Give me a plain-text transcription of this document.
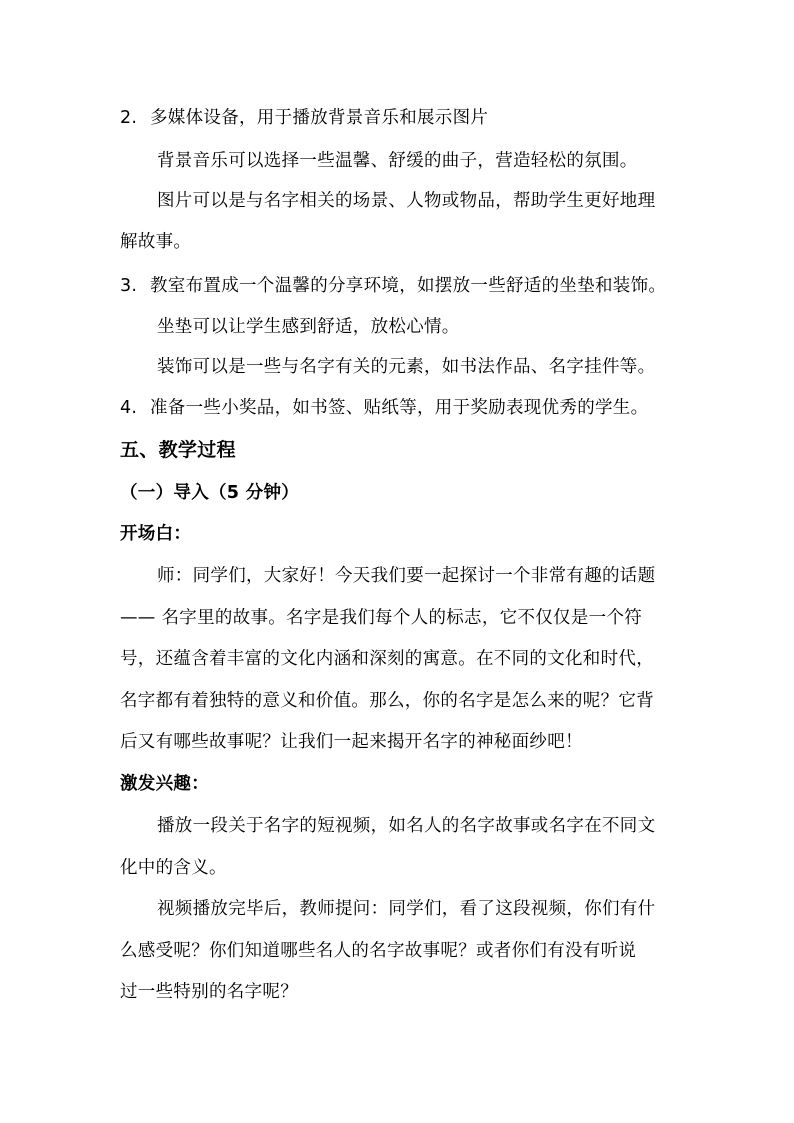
2. 多媒体设备，用于播放背景音乐和展示图片
背景音乐可以选择一些温馨、舒缓的曲子，营造轻松的氛围。
图片可以是与名字相关的场景、人物或物品，帮助学生更好地理
解故事。
3. 教室布置成一个温馨的分享环境，如摆放一些舒适的坐垫和装饰。
坐垫可以让学生感到舒适，放松心情。
装饰可以是一些与名字有关的元素，如书法作品、名字挂件等。
4. 准备一些小奖品，如书签、贴纸等，用于奖励表现优秀的学生。
五、教学过程
（一）导入（5 分钟）
开场白：
师：同学们，大家好！今天我们要一起探讨一个非常有趣的话题
—— 名字里的故事。名字是我们每个人的标志，它不仅仅是一个符
号，还蕴含着丰富的文化内涵和深刻的寓意。在不同的文化和时代，
名字都有着独特的意义和价值。那么，你的名字是怎么来的呢？它背
后又有哪些故事呢？让我们一起来揭开名字的神秘面纱吧！
激发兴趣：
播放一段关于名字的短视频，如名人的名字故事或名字在不同文
化中的含义。
视频播放完毕后，教师提问：同学们，看了这段视频，你们有什
么感受呢？你们知道哪些名人的名字故事呢？或者你们有没有听说
过一些特别的名字呢？
